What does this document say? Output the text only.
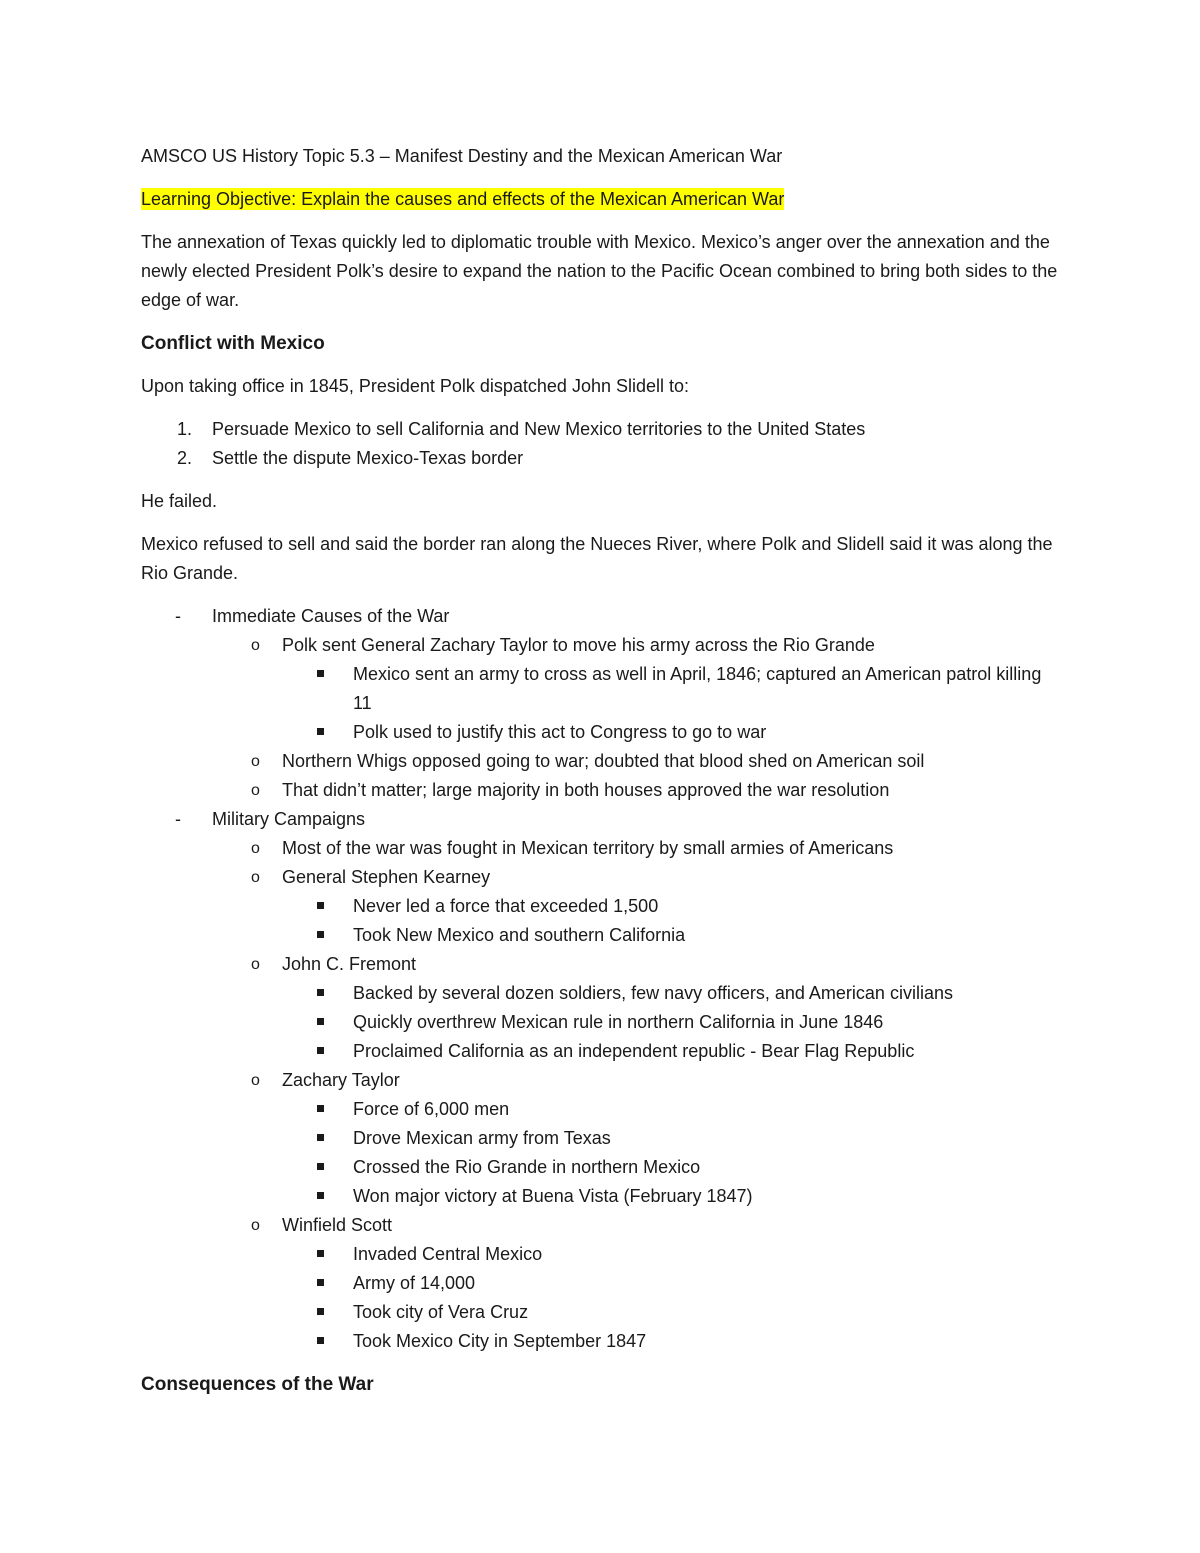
AMSCO US History Topic 5.3 – Manifest Destiny and the Mexican American War
Learning Objective: Explain the causes and effects of the Mexican American War
The annexation of Texas quickly led to diplomatic trouble with Mexico. Mexico’s anger over the annexation and the newly elected President Polk’s desire to expand the nation to the Pacific Ocean combined to bring both sides to the edge of war.
Conflict with Mexico
Upon taking office in 1845, President Polk dispatched John Slidell to:
1. Persuade Mexico to sell California and New Mexico territories to the United States
2. Settle the dispute Mexico-Texas border
He failed.
Mexico refused to sell and said the border ran along the Nueces River, where Polk and Slidell said it was along the Rio Grande.
- Immediate Causes of the War
o Polk sent General Zachary Taylor to move his army across the Rio Grande
Mexico sent an army to cross as well in April, 1846; captured an American patrol killing 11
Polk used to justify this act to Congress to go to war
o Northern Whigs opposed going to war; doubted that blood shed on American soil
o That didn’t matter; large majority in both houses approved the war resolution
- Military Campaigns
o Most of the war was fought in Mexican territory by small armies of Americans
o General Stephen Kearney
Never led a force that exceeded 1,500
Took New Mexico and southern California
o John C. Fremont
Backed by several dozen soldiers, few navy officers, and American civilians
Quickly overthrew Mexican rule in northern California in June 1846
Proclaimed California as an independent republic - Bear Flag Republic
o Zachary Taylor
Force of 6,000 men
Drove Mexican army from Texas
Crossed the Rio Grande in northern Mexico
Won major victory at Buena Vista (February 1847)
o Winfield Scott
Invaded Central Mexico
Army of 14,000
Took city of Vera Cruz
Took Mexico City in September 1847
Consequences of the War
